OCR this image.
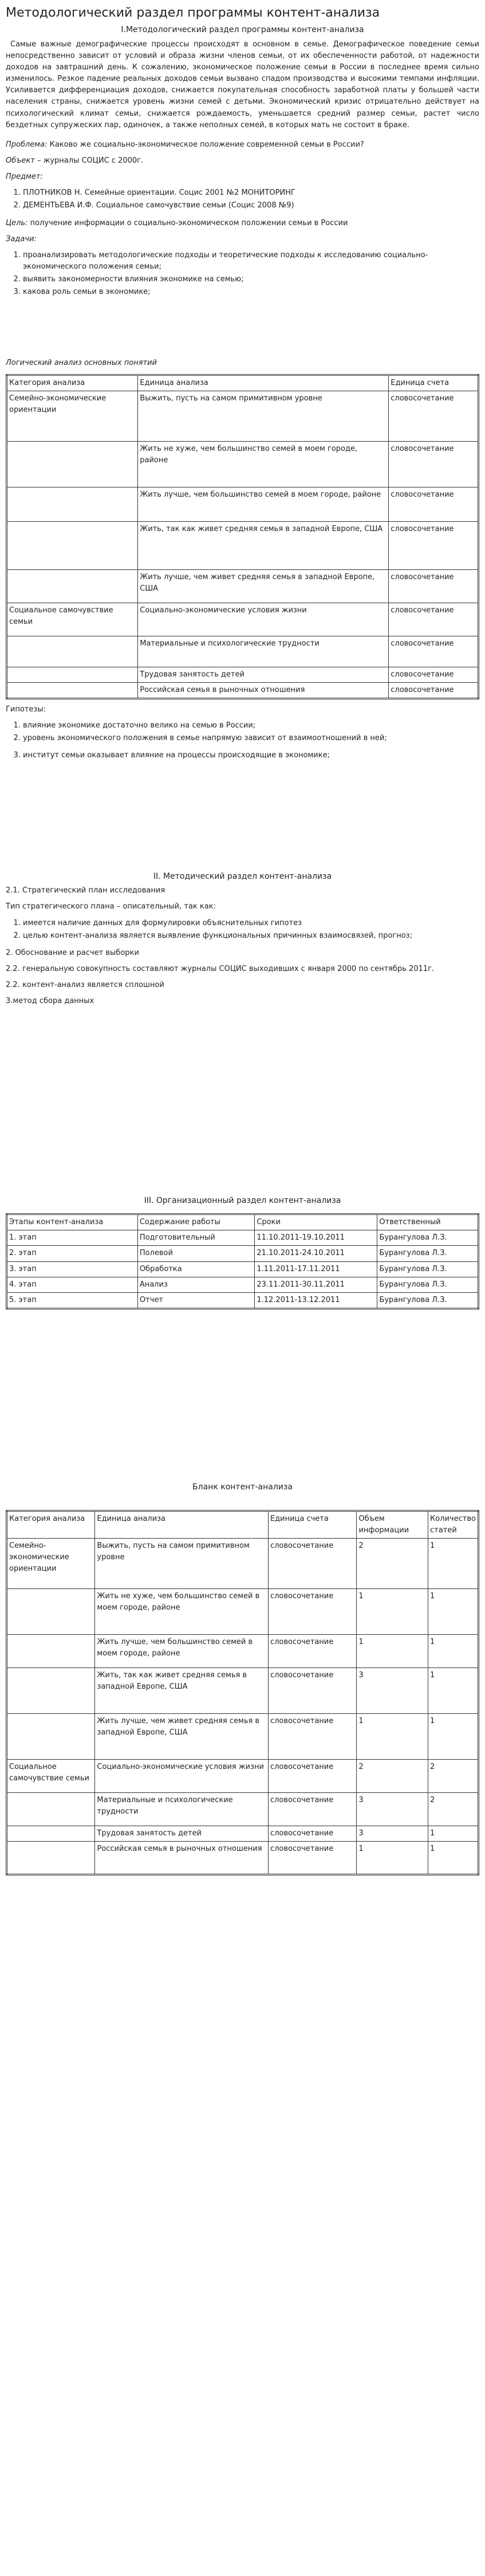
Методологический раздел программы контент-анализа
I.Методологический раздел программы контент-анализа

Самые важные демографические процессы происходят в основном в семье. Демографическое поведение семьи непосредственно зависит от условий и образа жизни членов семьи, от их обеспеченности работой, от надежности доходов на завтрашний день. К сожалению, экономическое положение семьи в России в последнее время сильно изменилось. Резкое падение реальных доходов семьи вызвано спадом производства и высокими темпами инфляции. Усиливается дифференциация доходов, снижается покупательная способность заработной платы у большей части населения страны, снижается уровень жизни семей с детьми. Экономический кризис отрицательно действует на психологический климат семьи, снижается рождаемость, уменьшается средний размер семьи, растет число бездетных супружеских пар, одиночек, а также неполных семей, в которых мать не состоит в браке.

Проблема: Каково же социально-экономическое положение современной семьи в России?

Объект – журналы СОЦИС с 2000г.

Предмет:

1. ПЛОТНИКОВ Н. Семейные ориентации. Социс 2001 №2 МОНИТОРИНГ
2. ДЕМЕНТЬЕВА И.Ф. Социальное самочувствие семьи (Социс 2008 №9)

Цель: получение информации о социально-экономическом положении семьи в России

Задачи:

1. проанализировать методологические подходы и теоретические подходы к исследованию социально-экономического положения семьи;
2. выявить закономерности влияния экономике на семью;
3. какова роль семьи в экономике;

Логический анализ основных понятий

Категория анализа	Единица анализа	Единица счета
Семейно-экономические ориентации	Выжить, пусть на самом примитивном уровне	словосочетание
	Жить не хуже, чем большинство семей в моем городе, районе	словосочетание
	Жить лучше, чем большинство семей в моем городе, районе	словосочетание
	Жить, так как живет средняя семья в западной Европе, США	словосочетание
	Жить лучше, чем живет средняя семья в западной Европе, США	словосочетание
Социальное самочувствие семьи	Социально-экономические условия жизни	словосочетание
	Материальные и психологические трудности	словосочетание
	Трудовая занятость детей	словосочетание
	Российская семья в рыночных отношения	словосочетание

Гипотезы:

1. влияние экономике достаточно велико на семью в России;
2. уровень экономического положения в семье напрямую зависит от взаимоотношений в ней;
3. институт семьи оказывает влияние на процессы происходящие в экономике;
II. Методический раздел контент-анализа

2.1. Стратегический план исследования

Тип стратегического плана – описательный, так как:

1. имеется наличие данных для формулировки объяснительных гипотез
2. целью контент-анализа является выявление функциональных причинных взаимосвязей, прогноз;

2. Обоснование и расчет выборки

2.2. генеральную совокупность составляют журналы СОЦИС выходивших с января 2000 по сентябрь 2011г.

2.2. контент-анализ является сплошной

3.метод сбора данных

III. Организационный раздел контент-анализа
Этапы контент-анализа	Содержание работы	Сроки	Ответственный
1. этап	Подготовительный	11.10.2011-19.10.2011	Бурангулова Л.З.
2. этап	Полевой	21.10.2011-24.10.2011	Бурангулова Л.З.
3. этап	Обработка	1.11.2011-17.11.2011	Бурангулова Л.З.
4. этап	Анализ	23.11.2011-30.11.2011	Бурангулова Л.З.
5. этап	Отчет	1.12.2011-13.12.2011	Бурангулова Л.З.
Бланк контент-анализа
Категория анализа	Единица анализа	Единица счета	Объем информации	Количество статей
Семейно-экономические ориентации	Выжить, пусть на самом примитивном уровне	словосочетание	2	1
	Жить не хуже, чем большинство семей в моем городе, районе	словосочетание	1	1
	Жить лучше, чем большинство семей в моем городе, районе	словосочетание	1	1
	Жить, так как живет средняя семья в западной Европе, США	словосочетание	3	1
	Жить лучше, чем живет средняя семья в западной Европе, США	словосочетание	1	1
Социальное самочувствие семьи	Социально-экономические условия жизни	словосочетание	2	2
	Материальные и психологические трудности	словосочетание	3	2
	Трудовая занятость детей	словосочетание	3	1
	Российская семья в рыночных отношения	словосочетание	1	1
